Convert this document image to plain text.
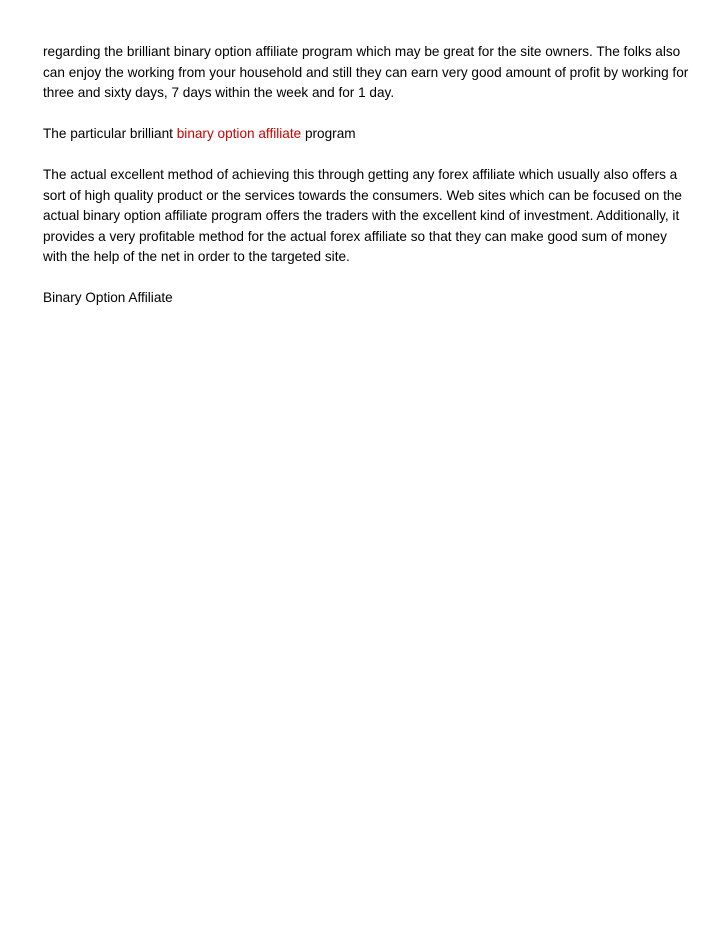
regarding the brilliant binary option affiliate program which may be great for the site owners. The folks also can enjoy the working from your household and still they can earn very good amount of profit by working for three and sixty days, 7 days within the week and for 1 day.

The particular brilliant binary option affiliate program

The actual excellent method of achieving this through getting any forex affiliate which usually also offers a sort of high quality product or the services towards the consumers. Web sites which can be focused on the actual binary option affiliate program offers the traders with the excellent kind of investment. Additionally, it provides a very profitable method for the actual forex affiliate so that they can make good sum of money with the help of the net in order to the targeted site.

Binary Option Affiliate
